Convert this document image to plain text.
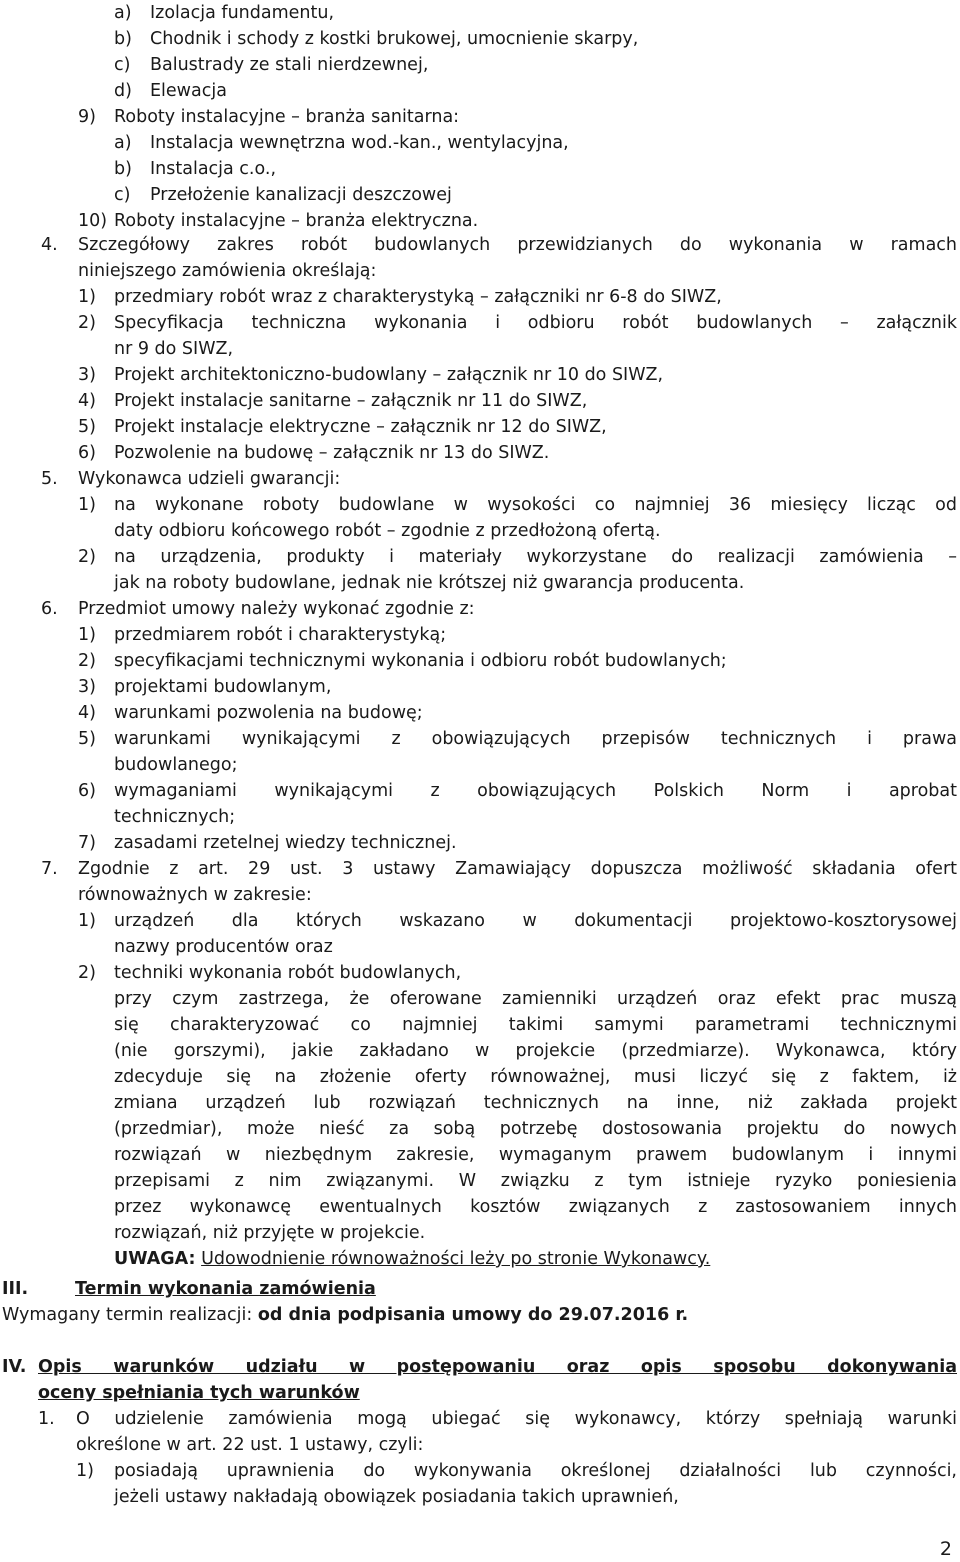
a)	Izolacja fundamentu,
b)	Chodnik i schody z kostki brukowej, umocnienie skarpy,
c)	Balustrady ze stali nierdzewnej,
d)	Elewacja
9)	Roboty instalacyjne – branża sanitarna:
a)	Instalacja wewnętrzna wod.-kan., wentylacyjna,
b)	Instalacja c.o.,
c)	Przełożenie kanalizacji deszczowej
10) Roboty instalacyjne – branża elektryczna.
4.	Szczegółowy zakres robót budowlanych przewidzianych do wykonania w ramach
niniejszego zamówienia określają:
1)	przedmiary robót wraz z charakterystyką – załączniki nr 6-8 do SIWZ,
2)	Specyfikacja techniczna wykonania i odbioru robót budowlanych – załącznik
nr 9 do SIWZ,
3)	Projekt architektoniczno-budowlany – załącznik nr 10 do SIWZ,
4)	Projekt instalacje sanitarne – załącznik nr 11 do SIWZ,
5)	Projekt instalacje elektryczne – załącznik nr 12 do SIWZ,
6)	Pozwolenie na budowę – załącznik nr 13 do SIWZ.
5.	Wykonawca udzieli gwarancji:
1)	na wykonane roboty budowlane w wysokości co najmniej 36 miesięcy licząc od
daty odbioru końcowego robót – zgodnie z przedłożoną ofertą.
2)	na urządzenia, produkty i materiały wykorzystane do realizacji zamówienia –
jak na roboty budowlane, jednak nie krótszej niż gwarancja producenta.
6.	Przedmiot umowy należy wykonać zgodnie z:
1)	przedmiarem robót i charakterystyką;
2)	specyfikacjami technicznymi wykonania i odbioru robót budowlanych;
3)	projektami budowlanym,
4)	warunkami pozwolenia na budowę;
5)	warunkami wynikającymi z obowiązujących przepisów technicznych i prawa
budowlanego;
6)	wymaganiami wynikającymi z obowiązujących Polskich Norm i aprobat
technicznych;
7)	zasadami rzetelnej wiedzy technicznej.
7.	Zgodnie z art. 29 ust. 3 ustawy Zamawiający dopuszcza możliwość składania ofert
równoważnych w zakresie:
1)	urządzeń dla których wskazano w dokumentacji projektowo-kosztorysowej
nazwy producentów oraz
2)	techniki wykonania robót budowlanych,
przy czym zastrzega, że oferowane zamienniki urządzeń oraz efekt prac muszą
się charakteryzować co najmniej takimi samymi parametrami technicznymi
(nie gorszymi), jakie zakładano w projekcie (przedmiarze). Wykonawca, który
zdecyduje się na złożenie oferty równoważnej, musi liczyć się z faktem, iż
zmiana urządzeń lub rozwiązań technicznych na inne, niż zakłada projekt
(przedmiar), może nieść za sobą potrzebę dostosowania projektu do nowych
rozwiązań w niezbędnym zakresie, wymaganym prawem budowlanym i innymi
przepisami z nim związanymi. W związku z tym istnieje ryzyko poniesienia
przez wykonawcę ewentualnych kosztów związanych z zastosowaniem innych
rozwiązań, niż przyjęte w projekcie.
UWAGA: Udowodnienie równoważności leży po stronie Wykonawcy.
III.	Termin wykonania zamówienia
Wymagany termin realizacji:
od dnia podpisania umowy do 29.07.2016 r.
IV. Opis warunków udziału w postępowaniu oraz opis sposobu dokonywania
oceny spełniania tych warunków
1.	O udzielenie zamówienia mogą ubiegać się wykonawcy, którzy spełniają warunki
określone w art. 22 ust. 1 ustawy, czyli:
1)	posiadają uprawnienia do wykonywania określonej działalności lub czynności,
jeżeli ustawy nakładają obowiązek posiadania takich uprawnień,
2
